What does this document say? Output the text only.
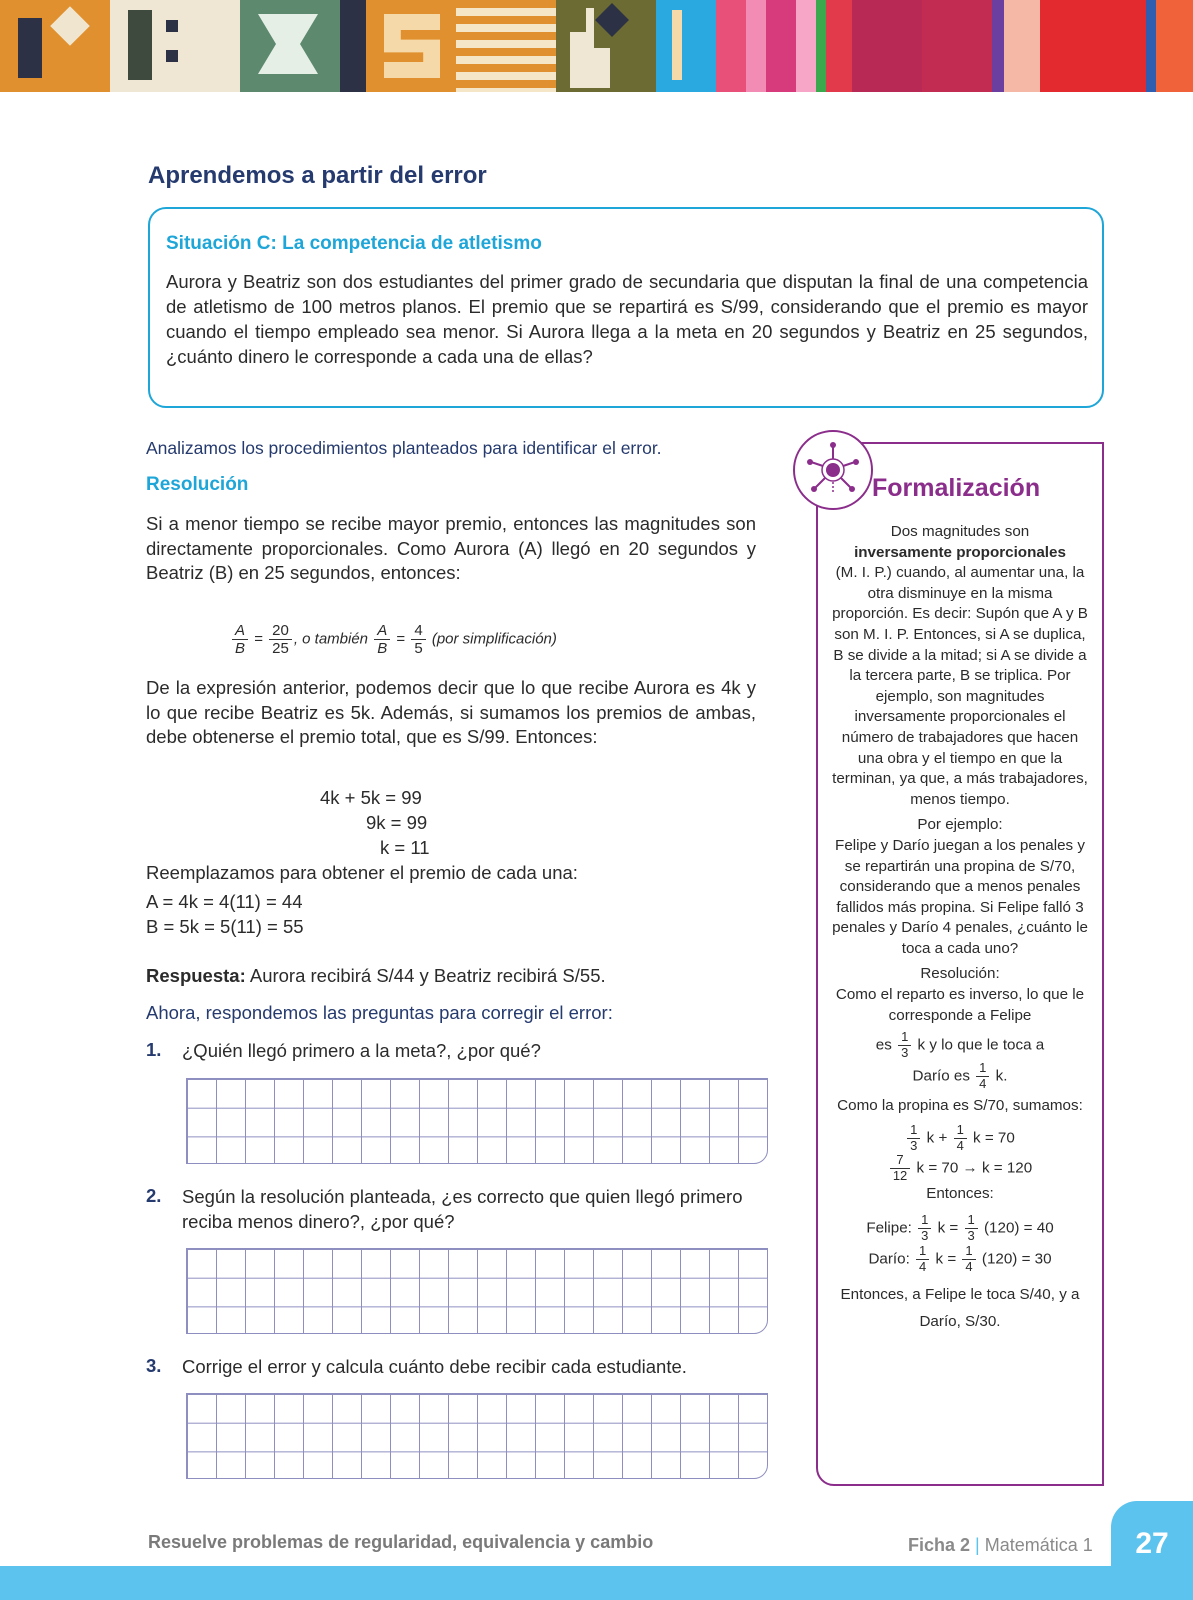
Aprendemos a partir del error
Situación C: La competencia de atletismo
Aurora y Beatriz son dos estudiantes del primer grado de secundaria que disputan la final de una competencia de atletismo de 100 metros planos. El premio que se repartirá es S/99, considerando que el premio es mayor cuando el tiempo empleado sea menor. Si Aurora llega a la meta en 20 segundos y Beatriz en 25 segundos, ¿cuánto dinero le corresponde a cada una de ellas?
Analizamos los procedimientos planteados para identificar el error.
Resolución
Si a menor tiempo se recibe mayor premio, entonces las magnitudes son directamente proporcionales. Como Aurora (A) llegó en 20 segundos y Beatriz (B) en 25 segundos, entonces:
$\frac{A}{B} = \frac{20}{25}$ , o también $\frac{A}{B} = \frac{4}{5} (por$ simplificación)
De la expresión anterior, podemos decir que lo que recibe Aurora es 4k y lo que recibe Beatriz es 5k. Además, si sumamos los premios de ambas, debe obtenerse el premio total, que es S/99. Entonces:
4k + 5k = 99
9k = 99
k = 11
Reemplazamos para obtener el premio de cada una:
A = 4k = 4(11) = 44
B = 5k = 5(11) = 55
Respuesta: Aurora recibirá S/44 y Beatriz recibirá S/55.
Ahora, respondemos las preguntas para corregir el error:
1. ¿Quién llegó primero a la meta?, ¿por qué?
2. Según la resolución planteada, ¿es correcto que quien llegó primero reciba menos dinero?, ¿por qué?
3. Corrige el error y calcula cuánto debe recibir cada estudiante.
Formalización

Dos magnitudes son

inversamente proporcionales

(M. I. P.) cuando, al aumentar una, la otra disminuye en la misma proporción. Es decir: Supón que A y B son M. I. P. Entonces, si A se duplica, B se divide a la mitad; si A se divide a la tercera parte, B se triplica. Por ejemplo, son magnitudes inversamente proporcionales el número de trabajadores que hacen una obra y el tiempo en que la terminan, ya que, a más trabajadores, menos tiempo.

Por ejemplo:

Felipe y Darío juegan a los penales y se repartirán una propina de S/70, considerando que a menos penales fallidos más propina. Si Felipe falló 3 penales y Darío 4 penales, ¿cuánto le toca a cada uno?

Resolución:

Como el reparto es inverso, lo que le corresponde a Felipe

es $\frac{1}{3}$ k y lo que le toca a

Darío es $\frac{1}{4} k$.

Como la propina es S/70, sumamos:

$\frac{1}{3}$ $k + \frac{1}{4}$ k = 70

$\frac{7}{12}$ k = 70 → k = 120

Entonces:

Felipe: $\frac{1}{3}$ $k = \frac{1}{3} (120) = 40$

Darío: $\frac{1}{4}$ $k = \frac{1}{4} (120) = 30$

Entonces, a Felipe le toca S/40, y a Darío, S/30.

Resuelve problemas de regularidad, equivalencia y cambio	Ficha 2 | Matemática 1	27
